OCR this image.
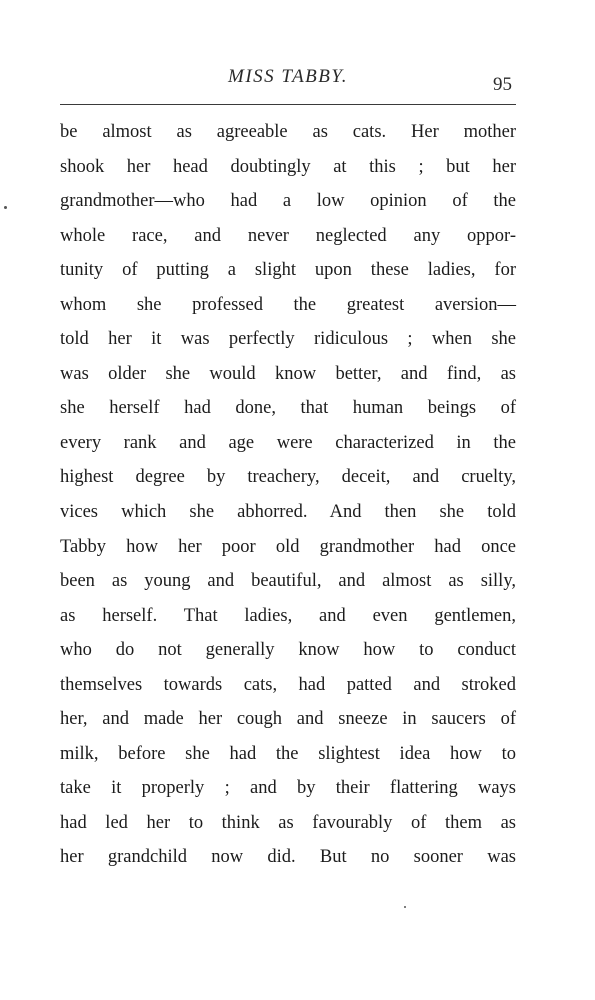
MISS TABBY.	95
be almost as agreeable as cats. Her mother
shook her head doubtingly at this ; but her
grandmother—who had a low opinion of the
whole race, and never neglected any oppor-
tunity of putting a slight upon these ladies, for
whom she professed the greatest aversion—
told her it was perfectly ridiculous ; when she
was older she would know better, and find, as
she herself had done, that human beings of
every rank and age were characterized in the
highest degree by treachery, deceit, and cruelty,
vices which she abhorred. And then she told
Tabby how her poor old grandmother had once
been as young and beautiful, and almost as silly,
as herself. That ladies, and even gentlemen,
who do not generally know how to conduct
themselves towards cats, had patted and stroked
her, and made her cough and sneeze in saucers of
milk, before she had the slightest idea how to
take it properly ; and by their flattering ways
had led her to think as favourably of them as
her grandchild now did. But no sooner was
